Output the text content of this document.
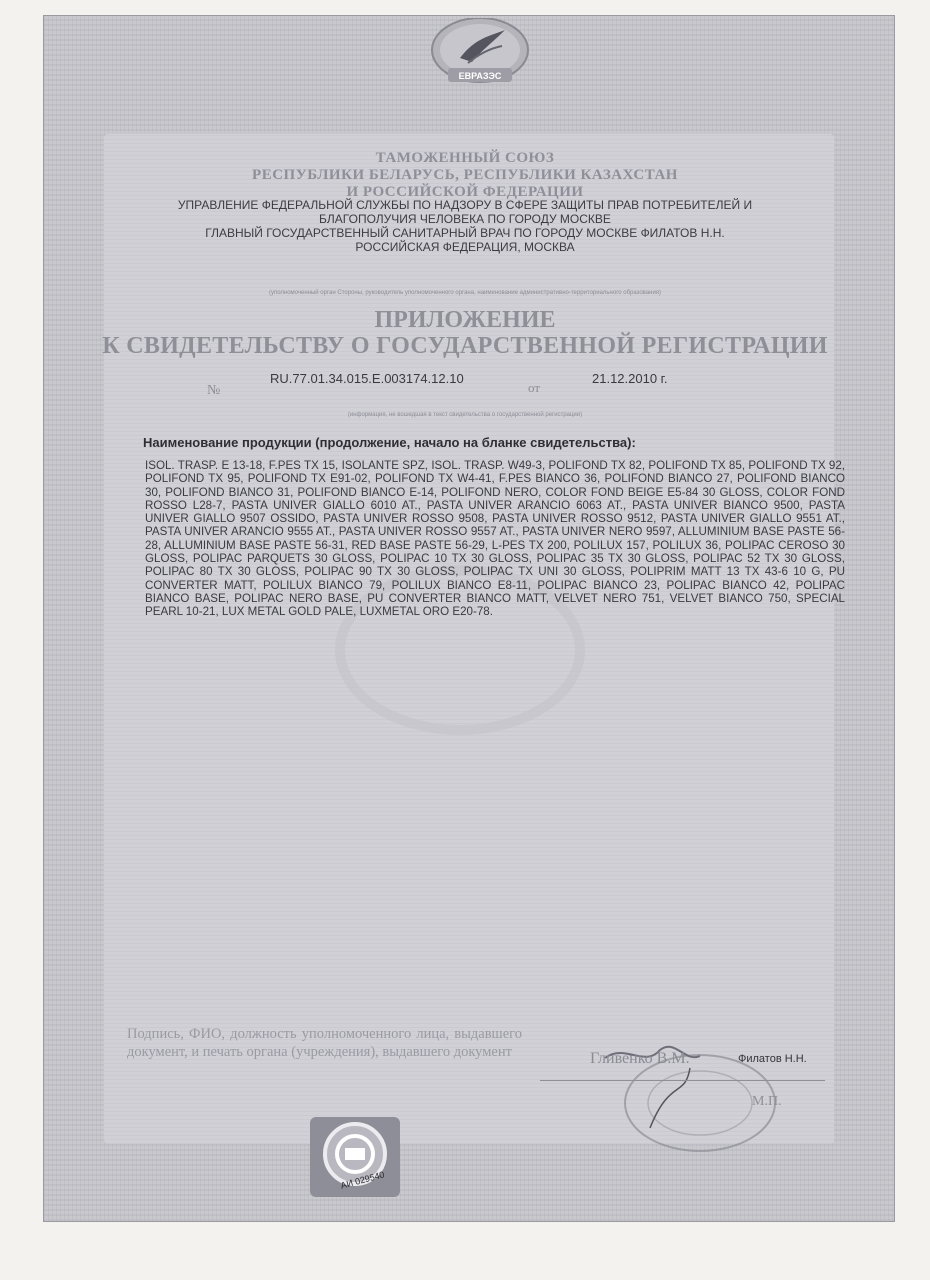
ЕВРАЗЭС
ТАМОЖЕННЫЙ СОЮЗ
РЕСПУБЛИКИ БЕЛАРУСЬ, РЕСПУБЛИКИ КАЗАХСТАН
И РОССИЙСКОЙ ФЕДЕРАЦИИ
УПРАВЛЕНИЕ ФЕДЕРАЛЬНОЙ СЛУЖБЫ ПО НАДЗОРУ В СФЕРЕ ЗАЩИТЫ ПРАВ ПОТРЕБИТЕЛЕЙ И
БЛАГОПОЛУЧИЯ ЧЕЛОВЕКА ПО ГОРОДУ МОСКВЕ
ГЛАВНЫЙ ГОСУДАРСТВЕННЫЙ САНИТАРНЫЙ ВРАЧ ПО ГОРОДУ МОСКВЕ ФИЛАТОВ Н.Н.
РОССИЙСКАЯ ФЕДЕРАЦИЯ, МОСКВА
(уполномоченный орган Стороны, руководитель уполномоченного органа, наименование административно-территориального образования)
ПРИЛОЖЕНИЕ
К СВИДЕТЕЛЬСТВУ О ГОСУДАРСТВЕННОЙ РЕГИСТРАЦИИ
№
RU.77.01.34.015.E.003174.12.10
от
21.12.2010 г.
(информация, не вошедшая в текст свидетельства о государственной регистрации)
Наименование продукции (продолжение, начало на бланке свидетельства):
ISOL. TRASP. E 13-18, F.PES TX 15, ISOLANTE SPZ, ISOL. TRASP. W49-3, POLIFOND TX 82, POLIFOND TX 85, POLIFOND TX 92, POLIFOND TX 95, POLIFOND TX E91-02, POLIFOND TX W4-41, F.PES BIANCO 36, POLIFOND BIANCO 27, POLIFOND BIANCO 30, POLIFOND BIANCO 31, POLIFOND BIANCO E-14, POLIFOND NERO, COLOR FOND BEIGE E5-84 30 GLOSS, COLOR FOND ROSSO L28-7, PASTA UNIVER GIALLO 6010 AT., PASTA UNIVER ARANCIO 6063 AT., PASTA UNIVER BIANCO 9500, PASTA UNIVER GIALLO 9507 OSSIDO, PASTA UNIVER ROSSO 9508, PASTA UNIVER ROSSO 9512, PASTA UNIVER GIALLO 9551 AT., PASTA UNIVER ARANCIO 9555 AT., PASTA UNIVER ROSSO 9557 AT., PASTA UNIVER NERO 9597, ALLUMINIUM BASE PASTE 56-28, ALLUMINIUM BASE PASTE 56-31, RED BASE PASTE 56-29, L-PES TX 200, POLILUX 157, POLILUX 36, POLIPAC CEROSO 30 GLOSS, POLIPAC PARQUETS 30 GLOSS, POLIPAC 10 TX 30 GLOSS, POLIPAC 35 TX 30 GLOSS, POLIPAC 52 TX 30 GLOSS, POLIPAC 80 TX 30 GLOSS, POLIPAC 90 TX 30 GLOSS, POLIPAC TX UNI 30 GLOSS, POLIPRIM MATT 13 TX 43-6 10 G, PU CONVERTER MATT, POLILUX BIANCO 79, POLILUX BIANCO E8-11, POLIPAC BIANCO 23, POLIPAC BIANCO 42, POLIPAC BIANCO BASE, POLIPAC NERO BASE, PU CONVERTER BIANCO MATT, VELVET NERO 751, VELVET BIANCO 750, SPECIAL PEARL 10-21, LUX METAL GOLD PALE, LUXMETAL ORO E20-78.
Подпись, ФИО, должность уполномоченного лица, выдавшего документ, и печать органа (учреждения), выдавшего документ	Гливенко В.М.	Филатов Н.Н.
М.П.
АИ 029540
